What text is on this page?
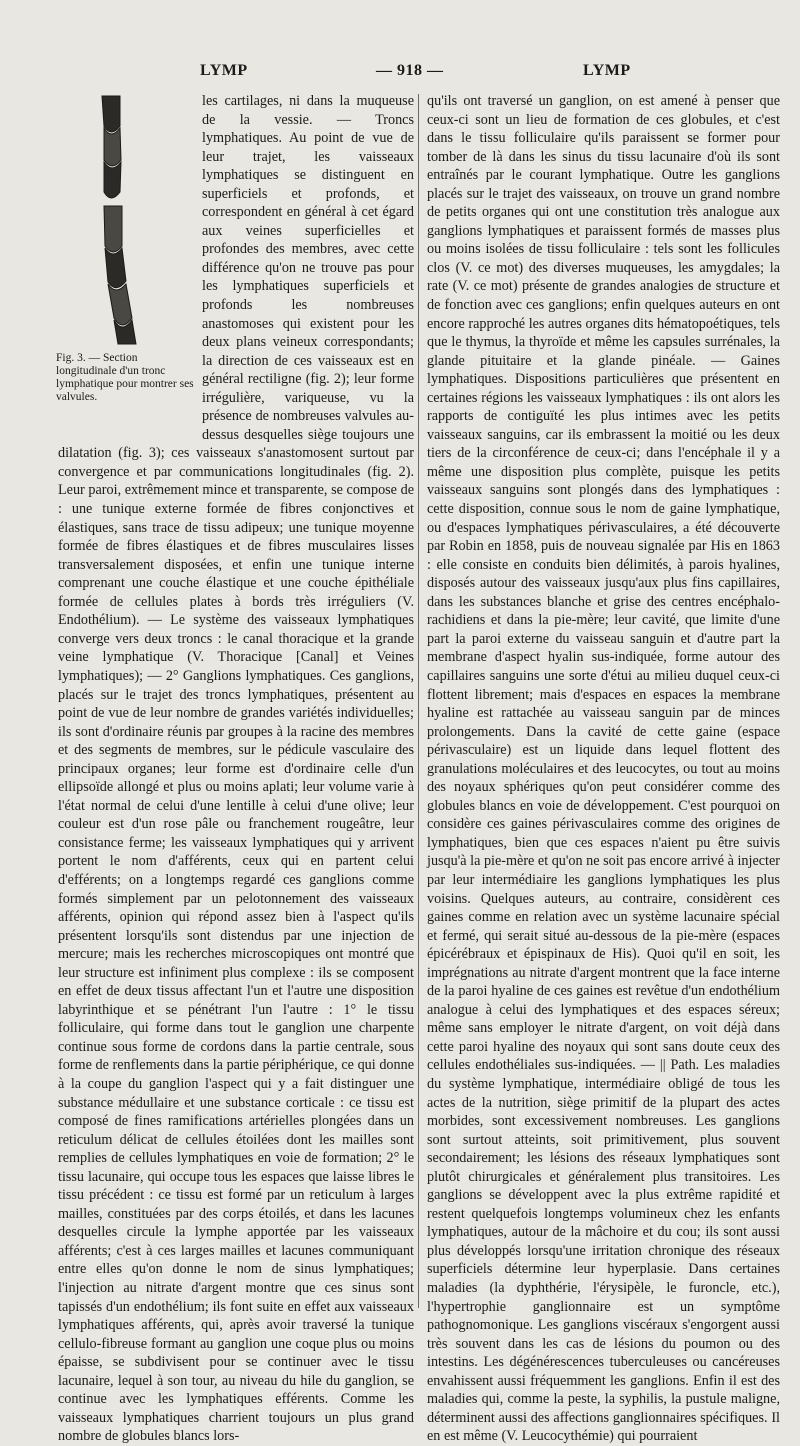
LYMP	— 918 —	LYMP
Fig. 3. — Section longitudinale d'un tronc lymphatique pour montrer ses valvules.

les cartilages, ni dans la muqueuse de la vessie. — Troncs lymphatiques. Au point de vue de leur trajet, les vaisseaux lymphatiques se distinguent en superficiels et profonds, et correspondent en général à cet égard aux veines superficielles et profondes des membres, avec cette différence qu'on ne trouve pas pour les lymphatiques superficiels et profonds les nombreuses anastomoses qui existent pour les deux plans veineux correspondants; la direction de ces vaisseaux est en général rectiligne (fig. 2); leur forme irrégulière, variqueuse, vu la présence de nombreuses valvules au-dessus desquelles siège toujours une dilatation (fig. 3); ces vaisseaux s'anastomosent surtout par convergence et par communications longitudinales (fig. 2). Leur paroi, extrêmement mince et transparente, se compose de : une tunique externe formée de fibres conjonctives et élastiques, sans trace de tissu adipeux; une tunique moyenne formée de fibres élastiques et de fibres musculaires lisses transversalement disposées, et enfin une tunique interne comprenant une couche élastique et une couche épithéliale formée de cellules plates à bords très irréguliers (V. Endothélium). — Le système des vaisseaux lymphatiques converge vers deux troncs : le canal thoracique et la grande veine lymphatique (V. Thoracique [Canal] et Veines lymphatiques); — 2° Ganglions lymphatiques. Ces ganglions, placés sur le trajet des troncs lymphatiques, présentent au point de vue de leur nombre de grandes variétés individuelles; ils sont d'ordinaire réunis par groupes à la racine des membres et des segments de membres, sur le pédicule vasculaire des principaux organes; leur forme est d'ordinaire celle d'un ellipsoïde allongé et plus ou moins aplati; leur volume varie à l'état normal de celui d'une lentille à celui d'une olive; leur couleur est d'un rose pâle ou franchement rougeâtre, leur consistance ferme; les vaisseaux lymphatiques qui y arrivent portent le nom d'afférents, ceux qui en partent celui d'efférents; on a longtemps regardé ces ganglions comme formés simplement par un pelotonnement des vaisseaux afférents, opinion qui répond assez bien à l'aspect qu'ils présentent lorsqu'ils sont distendus par une injection de mercure; mais les recherches microscopiques ont montré que leur structure est infiniment plus complexe : ils se composent en effet de deux tissus affectant l'un et l'autre une disposition labyrinthique et se pénétrant l'un l'autre : 1° le tissu folliculaire, qui forme dans tout le ganglion une charpente continue sous forme de cordons dans la partie centrale, sous forme de renflements dans la partie périphérique, ce qui donne à la coupe du ganglion l'aspect qui y a fait distinguer une substance médullaire et une substance corticale : ce tissu est composé de fines ramifications artérielles plongées dans un reticulum délicat de cellules étoilées dont les mailles sont remplies de cellules lymphatiques en voie de formation; 2° le tissu lacunaire, qui occupe tous les espaces que laisse libres le tissu précédent : ce tissu est formé par un reticulum à larges mailles, constituées par des corps étoilés, et dans les lacunes desquelles circule la lymphe apportée par les vaisseaux afférents; c'est à ces larges mailles et lacunes communiquant entre elles qu'on donne le nom de sinus lymphatiques; l'injection au nitrate d'argent montre que ces sinus sont tapissés d'un endothélium; ils font suite en effet aux vaisseaux lymphatiques afférents, qui, après avoir traversé la tunique cellulo-fibreuse formant au ganglion une coque plus ou moins épaisse, se subdivisent pour se continuer avec le tissu lacunaire, lequel à son tour, au niveau du hile du ganglion, se continue avec les lymphatiques efférents. Comme les vaisseaux lymphatiques charrient toujours un plus grand nombre de globules blancs lors-

qu'ils ont traversé un ganglion, on est amené à penser que ceux-ci sont un lieu de formation de ces globules, et c'est dans le tissu folliculaire qu'ils paraissent se former pour tomber de là dans les sinus du tissu lacunaire d'où ils sont entraînés par le courant lymphatique. Outre les ganglions placés sur le trajet des vaisseaux, on trouve un grand nombre de petits organes qui ont une constitution très analogue aux ganglions lymphatiques et paraissent formés de masses plus ou moins isolées de tissu folliculaire : tels sont les follicules clos (V. ce mot) des diverses muqueuses, les amygdales; la rate (V. ce mot) présente de grandes analogies de structure et de fonction avec ces ganglions; enfin quelques auteurs en ont encore rapproché les autres organes dits hématopoétiques, tels que le thymus, la thyroïde et même les capsules surrénales, la glande pituitaire et la glande pinéale. — Gaines lymphatiques. Dispositions particulières que présentent en certaines régions les vaisseaux lymphatiques : ils ont alors les rapports de contiguïté les plus intimes avec les petits vaisseaux sanguins, car ils embrassent la moitié ou les deux tiers de la circonférence de ceux-ci; dans l'encéphale il y a même une disposition plus complète, puisque les petits vaisseaux sanguins sont plongés dans des lymphatiques : cette disposition, connue sous le nom de gaine lymphatique, ou d'espaces lymphatiques périvasculaires, a été découverte par Robin en 1858, puis de nouveau signalée par His en 1863 : elle consiste en conduits bien délimités, à parois hyalines, disposés autour des vaisseaux jusqu'aux plus fins capillaires, dans les substances blanche et grise des centres encéphalo-rachidiens et dans la pie-mère; leur cavité, que limite d'une part la paroi externe du vaisseau sanguin et d'autre part la membrane d'aspect hyalin sus-indiquée, forme autour des capillaires sanguins une sorte d'étui au milieu duquel ceux-ci flottent librement; mais d'espaces en espaces la membrane hyaline est rattachée au vaisseau sanguin par de minces prolongements. Dans la cavité de cette gaine (espace périvasculaire) est un liquide dans lequel flottent des granulations moléculaires et des leucocytes, ou tout au moins des noyaux sphériques qu'on peut considérer comme des globules blancs en voie de développement. C'est pourquoi on considère ces gaines périvasculaires comme des origines de lymphatiques, bien que ces espaces n'aient pu être suivis jusqu'à la pie-mère et qu'on ne soit pas encore arrivé à injecter par leur intermédiaire les ganglions lymphatiques les plus voisins. Quelques auteurs, au contraire, considèrent ces gaines comme en relation avec un système lacunaire spécial et fermé, qui serait situé au-dessous de la pie-mère (espaces épicérébraux et épispinaux de His). Quoi qu'il en soit, les imprégnations au nitrate d'argent montrent que la face interne de la paroi hyaline de ces gaines est revêtue d'un endothélium analogue à celui des lymphatiques et des espaces séreux; même sans employer le nitrate d'argent, on voit déjà dans cette paroi hyaline des noyaux qui sont sans doute ceux des cellules endothéliales sus-indiquées. — || Path. Les maladies du système lymphatique, intermédiaire obligé de tous les actes de la nutrition, siège primitif de la plupart des actes morbides, sont excessivement nombreuses. Les ganglions sont surtout atteints, soit primitivement, plus souvent secondairement; les lésions des réseaux lymphatiques sont plutôt chirurgicales et généralement plus transitoires. Les ganglions se développent avec la plus extrême rapidité et restent quelquefois longtemps volumineux chez les enfants lymphatiques, autour de la mâchoire et du cou; ils sont aussi plus développés lorsqu'une irritation chronique des réseaux superficiels détermine leur hyperplasie. Dans certaines maladies (la dyphthérie, l'érysipèle, le furoncle, etc.), l'hypertrophie ganglionnaire est un symptôme pathognomonique. Les ganglions viscéraux s'engorgent aussi très souvent dans les cas de lésions du poumon ou des intestins. Les dégénérescences tuberculeuses ou cancéreuses envahissent aussi fréquemment les ganglions. Enfin il est des maladies qui, comme la peste, la syphilis, la pustule maligne, déterminent aussi des affections ganglionnaires spécifiques. Il en est même (V. Leucocythémie) qui pourraient
